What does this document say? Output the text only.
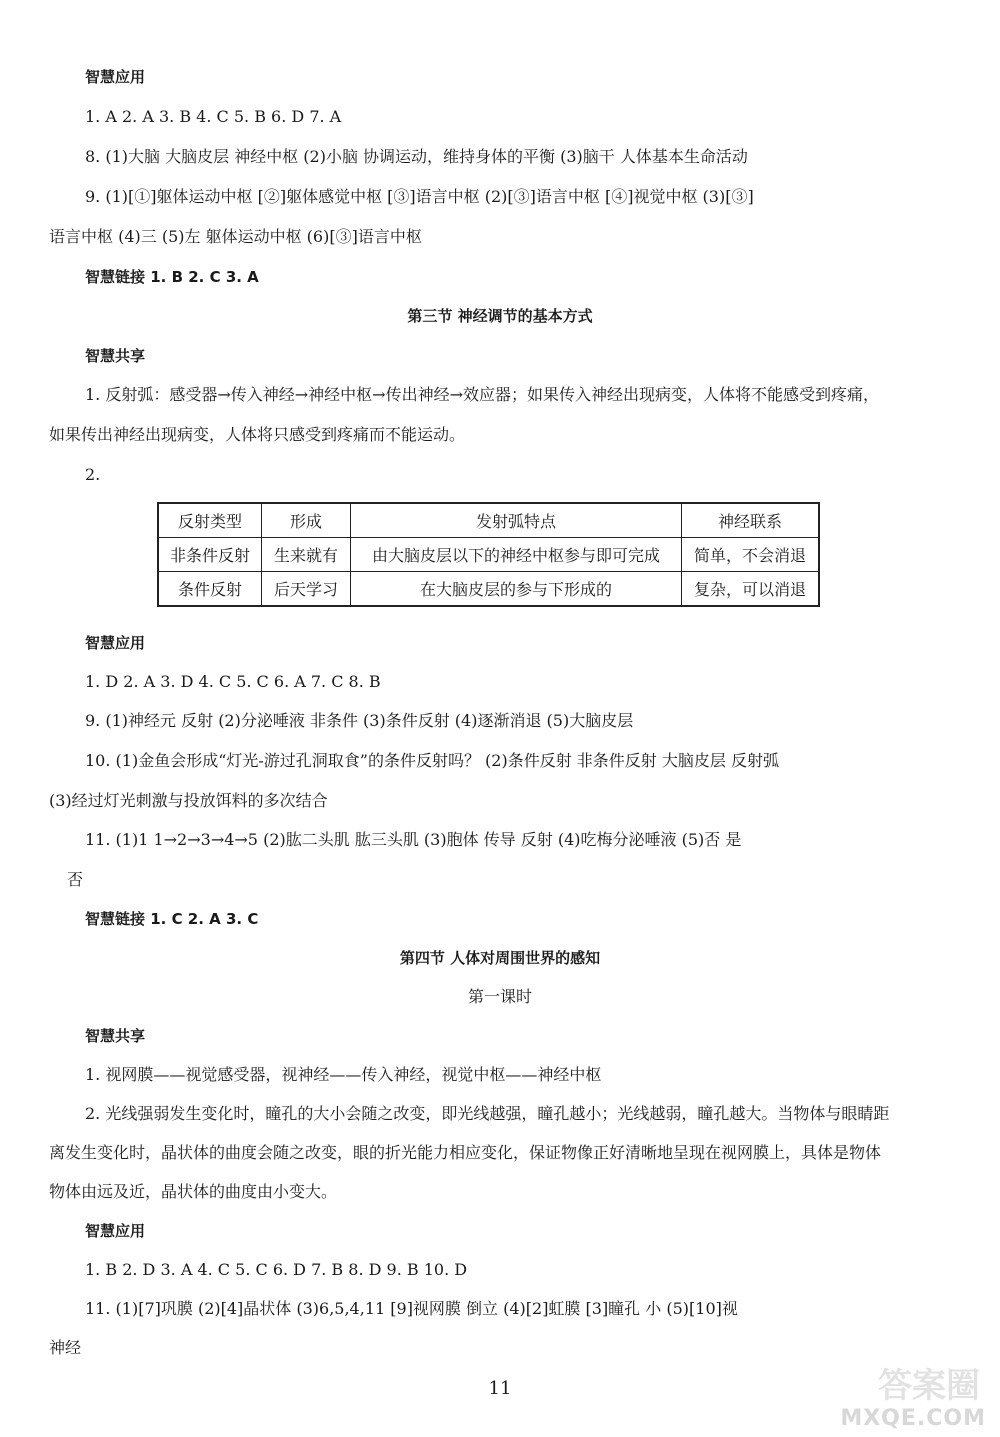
智慧应用
1. A 2. A 3. B 4. C 5. B 6. D 7. A
8. (1)大脑 大脑皮层 神经中枢 (2)小脑 协调运动，维持身体的平衡 (3)脑干 人体基本生命活动
9. (1)[①]躯体运动中枢 [②]躯体感觉中枢 [③]语言中枢 (2)[③]语言中枢 [④]视觉中枢 (3)[③]
语言中枢 (4)三 (5)左 躯体运动中枢 (6)[③]语言中枢
智慧链接 1. B 2. C 3. A
第三节 神经调节的基本方式
智慧共享
1. 反射弧：感受器→传入神经→神经中枢→传出神经→效应器；如果传入神经出现病变，人体将不能感受到疼痛，
如果传出神经出现病变，人体将只感受到疼痛而不能运动。
2.
智慧应用
1. D 2. A 3. D 4. C 5. C 6. A 7. C 8. B
9. (1)神经元 反射 (2)分泌唾液 非条件 (3)条件反射 (4)逐渐消退 (5)大脑皮层
10. (1)金鱼会形成“灯光-游过孔洞取食”的条件反射吗？ (2)条件反射 非条件反射 大脑皮层 反射弧
(3)经过灯光刺激与投放饵料的多次结合
11. (1)1 1→2→3→4→5 (2)肱二头肌 肱三头肌 (3)胞体 传导 反射 (4)吃梅分泌唾液 (5)否 是
否
智慧链接 1. C 2. A 3. C
第四节 人体对周围世界的感知
第一课时
智慧共享
1. 视网膜——视觉感受器，视神经——传入神经，视觉中枢——神经中枢
2. 光线强弱发生变化时，瞳孔的大小会随之改变，即光线越强，瞳孔越小；光线越弱，瞳孔越大。当物体与眼睛距
离发生变化时，晶状体的曲度会随之改变，眼的折光能力相应变化，保证物像正好清晰地呈现在视网膜上，具体是物体
物体由远及近，晶状体的曲度由小变大。
智慧应用
1. B 2. D 3. A 4. C 5. C 6. D 7. B 8. D 9. B 10. D
11. (1)[7]巩膜 (2)[4]晶状体 (3)6,5,4,11 [9]视网膜 倒立 (4)[2]虹膜 [3]瞳孔 小 (5)[10]视
神经
反射类型	形成	发射弧特点	神经联系
非条件反射	生来就有	由大脑皮层以下的神经中枢参与即可完成	简单，不会消退
条件反射	后天学习	在大脑皮层的参与下形成的	复杂，可以消退
11	答案圈
MXQE.COM
